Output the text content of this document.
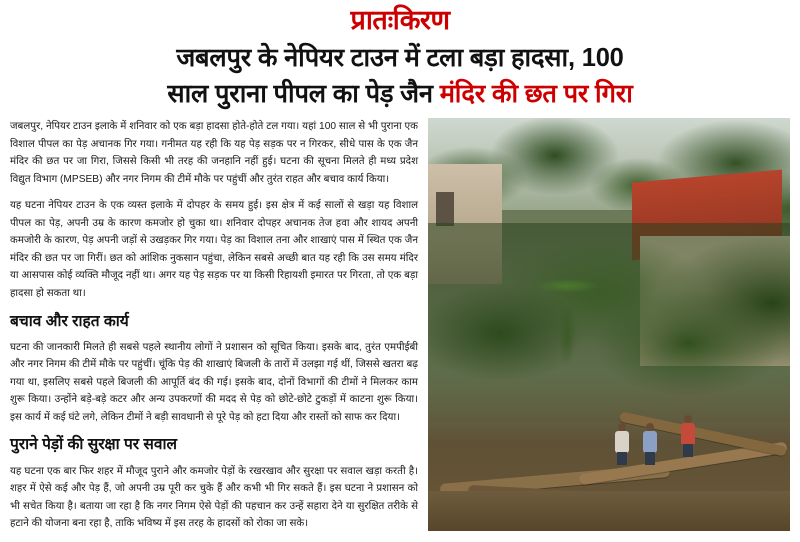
प्रातःकिरण
जबलपुर के नेपियर टाउन में टला बड़ा हादसा, 100
साल पुराना पीपल का पेड़ जैन मंदिर की छत पर गिरा

जबलपुर, नेपियर टाउन इलाके में शनिवार को एक बड़ा हादसा होते-होते टल गया। यहां 100 साल से भी पुराना एक विशाल पीपल का पेड़ अचानक गिर गया। गनीमत यह रही कि यह पेड़ सड़क पर न गिरकर, सीधे पास के एक जैन मंदिर की छत पर जा गिरा, जिससे किसी भी तरह की जनहानि नहीं हुई। घटना की सूचना मिलते ही मध्य प्रदेश विद्युत विभाग (MPSEB) और नगर निगम की टीमें मौके पर पहुंचीं और तुरंत राहत और बचाव कार्य किया।

यह घटना नेपियर टाउन के एक व्यस्त इलाके में दोपहर के समय हुई। इस क्षेत्र में कई सालों से खड़ा यह विशाल पीपल का पेड़, अपनी उम्र के कारण कमजोर हो चुका था। शनिवार दोपहर अचानक तेज हवा और शायद अपनी कमजोरी के कारण, पेड़ अपनी जड़ों से उखड़कर गिर गया। पेड़ का विशाल तना और शाखाएं पास में स्थित एक जैन मंदिर की छत पर जा गिरीं। छत को आंशिक नुकसान पहुंचा, लेकिन सबसे अच्छी बात यह रही कि उस समय मंदिर या आसपास कोई व्यक्ति मौजूद नहीं था। अगर यह पेड़ सड़क पर या किसी रिहायशी इमारत पर गिरता, तो एक बड़ा हादसा हो सकता था।

बचाव और राहत कार्य

घटना की जानकारी मिलते ही सबसे पहले स्थानीय लोगों ने प्रशासन को सूचित किया। इसके बाद, तुरंत एमपीईबी और नगर निगम की टीमें मौके पर पहुंचीं। चूंकि पेड़ की शाखाएं बिजली के तारों में उलझा गई थीं, जिससे खतरा बढ़ गया था, इसलिए सबसे पहले बिजली की आपूर्ति बंद की गई। इसके बाद, दोनों विभागों की टीमों ने मिलकर काम शुरू किया। उन्होंने बड़े-बड़े कटर और अन्य उपकरणों की मदद से पेड़ को छोटे-छोटे टुकड़ों में काटना शुरू किया। इस कार्य में कई घंटे लगे, लेकिन टीमों ने बड़ी सावधानी से पूरे पेड़ को हटा दिया और रास्तों को साफ कर दिया।

पुराने पेड़ों की सुरक्षा पर सवाल

यह घटना एक बार फिर शहर में मौजूद पुराने और कमजोर पेड़ों के रखरखाव और सुरक्षा पर सवाल खड़ा करती है। शहर में ऐसे कई और पेड़ हैं, जो अपनी उम्र पूरी कर चुके हैं और कभी भी गिर सकते हैं। इस घटना ने प्रशासन को भी सचेत किया है। बताया जा रहा है कि नगर निगम ऐसे पेड़ों की पहचान कर उन्हें सहारा देने या सुरक्षित तरीके से हटाने की योजना बना रहा है, ताकि भविष्य में इस तरह के हादसों को रोका जा सके।
